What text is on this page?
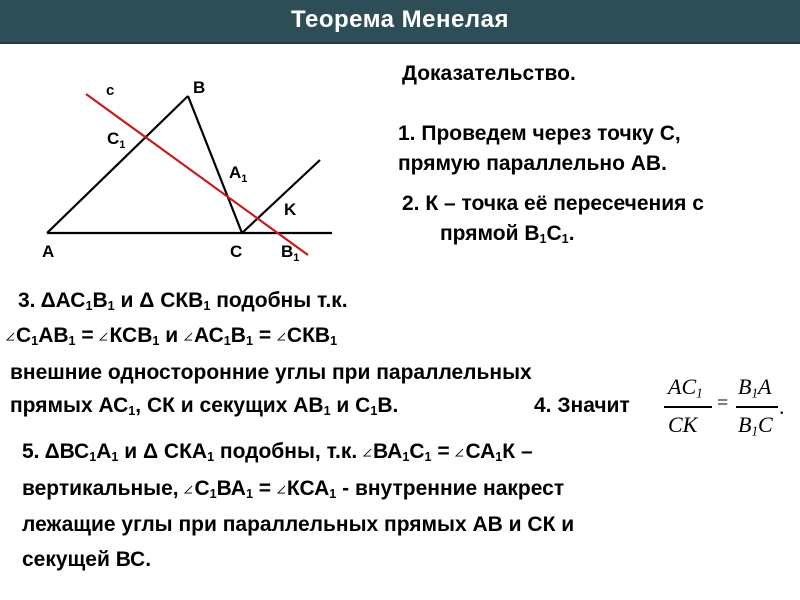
Теорема Менелая
c	B
$C_1$
$A_1$
K
A	C $B_1$
Доказательство.
1. Проведем через точку С,
прямую параллельно АВ.
2. К – точка её пересечения с
прямой $В_1С_1$.
3. $\Delta АС_1В_1$ и Δ $СКВ_1$ подобны т.к.
$С_1АВ_1 = КСВ_1$ и $АС_1В_1 = СКВ_1$
внешние односторонние углы при параллельных
прямых $АС_1$, СК и секущих $АВ_1$ и $С_1В$.	4. Значит
$AC_1$
CK
=
$B_1A$
$B_1C$
.
5. $\Delta ВС_1А_1$ и Δ $СКА_1$ подобны, т.к. $ВА_1С_1 = СА_1К$ –
вертикальные, $С_1ВА_1 = КСА_1$ - внутренние накрест
лежащие углы при параллельных прямых АВ и СК и
секущей ВС.
